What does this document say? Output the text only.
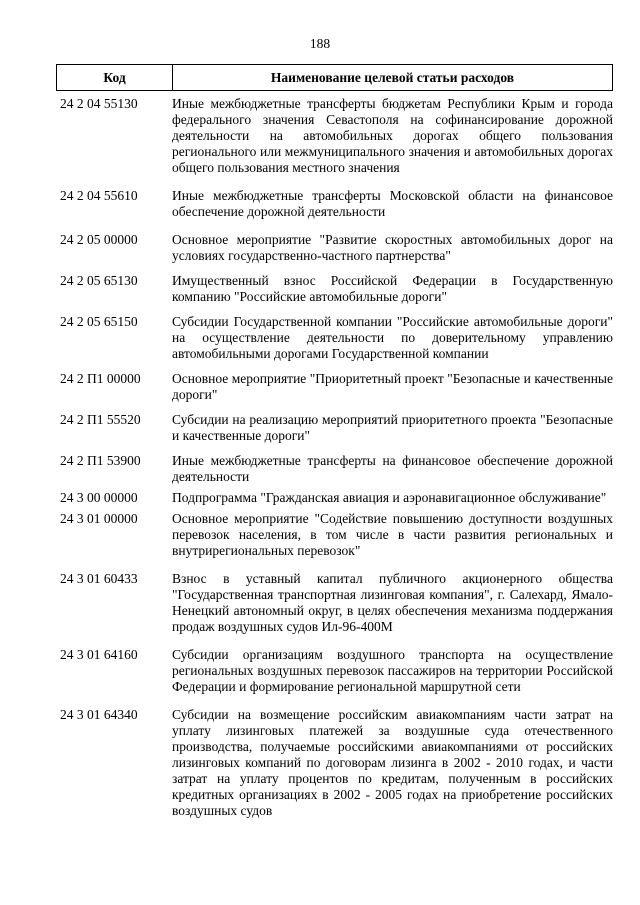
188
Код	Наименование целевой статьи расходов
24 2 04 55130	Иные межбюджетные трансферты бюджетам Республики Крым и города федерального значения Севастополя на софинансирование дорожной деятельности на автомобильных дорогах общего пользования регионального или межмуниципального значения и автомобильных дорогах общего пользования местного значения
24 2 04 55610	Иные межбюджетные трансферты Московской области на финансовое обеспечение дорожной деятельности
24 2 05 00000	Основное мероприятие "Развитие скоростных автомобильных дорог на условиях государственно-частного партнерства"
24 2 05 65130	Имущественный взнос Российской Федерации в Государственную компанию "Российские автомобильные дороги"
24 2 05 65150	Субсидии Государственной компании "Российские автомобильные дороги" на осуществление деятельности по доверительному управлению автомобильными дорогами Государственной компании
24 2 П1 00000	Основное мероприятие "Приоритетный проект "Безопасные и качественные дороги"
24 2 П1 55520	Субсидии на реализацию мероприятий приоритетного проекта "Безопасные и качественные дороги"
24 2 П1 53900	Иные межбюджетные трансферты на финансовое обеспечение дорожной деятельности
24 3 00 00000	Подпрограмма "Гражданская авиация и аэронавигационное обслуживание"
24 3 01 00000	Основное мероприятие "Содействие повышению доступности воздушных перевозок населения, в том числе в части развития региональных и внутрирегиональных перевозок"
24 3 01 60433	Взнос в уставный капитал публичного акционерного общества "Государственная транспортная лизинговая компания", г. Салехард, Ямало-Ненецкий автономный округ, в целях обеспечения механизма поддержания продаж воздушных судов Ил-96-400М
24 3 01 64160	Субсидии организациям воздушного транспорта на осуществление региональных воздушных перевозок пассажиров на территории Российской Федерации и формирование региональной маршрутной сети
24 3 01 64340	Субсидии на возмещение российским авиакомпаниям части затрат на уплату лизинговых платежей за воздушные суда отечественного производства, получаемые российскими авиакомпаниями от российских лизинговых компаний по договорам лизинга в 2002 - 2010 годах, и части затрат на уплату процентов по кредитам, полученным в российских кредитных организациях в 2002 - 2005 годах на приобретение российских воздушных судов
